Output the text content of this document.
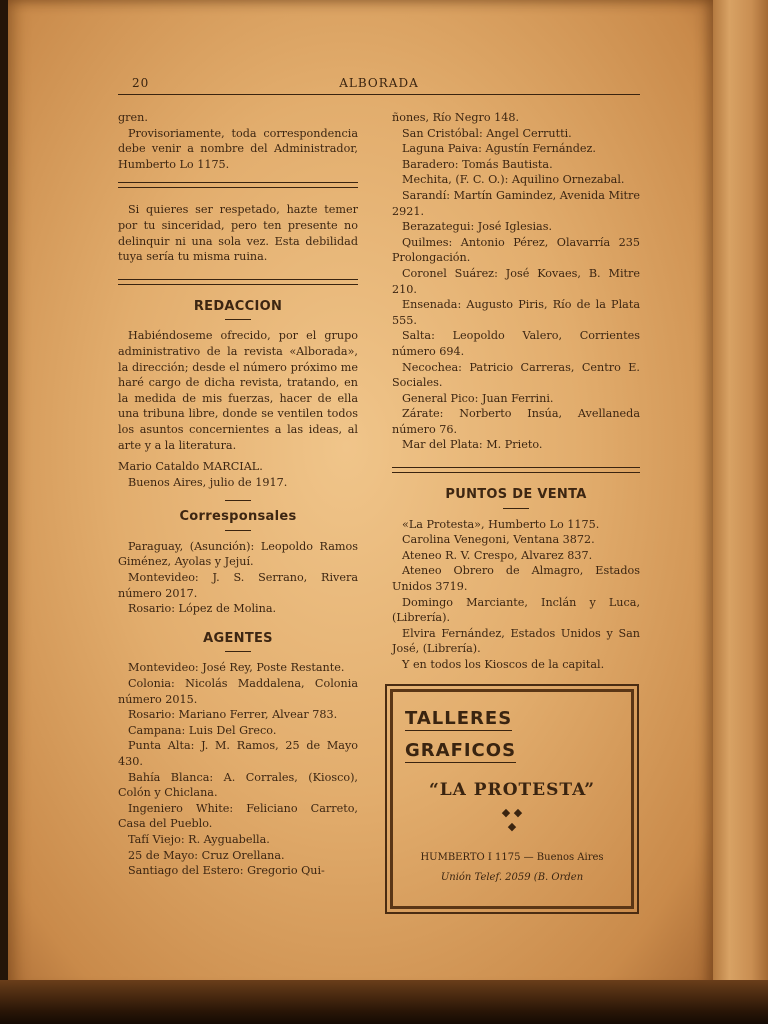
20	ALBORADA

gren.

Provisoriamente, toda correspondencia debe venir a nombre del Administrador, Humberto Lo 1175.

Si quieres ser respetado, hazte temer por tu sinceridad, pero ten presente no delinquir ni una sola vez. Esta debilidad tuya sería tu misma ruina.

REDACCION

Habiéndoseme ofrecido, por el grupo administrativo de la revista «Alborada», la dirección; desde el número próximo me haré cargo de dicha revista, tratando, en la medida de mis fuerzas, hacer de ella una tribuna libre, donde se ventilen todos los asuntos concernientes a las ideas, al arte y a la literatura.

Mario Cataldo MARCIAL.

Buenos Aires, julio de 1917.

Corresponsales

Paraguay, (Asunción): Leopoldo Ramos Giménez, Ayolas y Jejuí.

Montevideo: J. S. Serrano, Rivera número 2017.

Rosario: López de Molina.

AGENTES

Montevideo: José Rey, Poste Restante.

Colonia: Nicolás Maddalena, Colonia número 2015.

Rosario: Mariano Ferrer, Alvear 783.

Campana: Luis Del Greco.

Punta Alta: J. M. Ramos, 25 de Mayo 430.

Bahía Blanca: A. Corrales, (Kiosco), Colón y Chiclana.

Ingeniero White: Feliciano Carreto, Casa del Pueblo.

Tafí Viejo: R. Ayguabella.

25 de Mayo: Cruz Orellana.

Santiago del Estero: Gregorio Qui-

ñones, Río Negro 148.

San Cristóbal: Angel Cerrutti.

Laguna Paiva: Agustín Fernández.

Baradero: Tomás Bautista.

Mechita, (F. C. O.): Aquilino Ornezabal.

Sarandí: Martín Gamindez, Avenida Mitre 2921.

Berazategui: José Iglesias.

Quilmes: Antonio Pérez, Olavarría 235 Prolongación.

Coronel Suárez: José Kovaes, B. Mitre 210.

Ensenada: Augusto Piris, Río de la Plata 555.

Salta: Leopoldo Valero, Corrientes número 694.

Necochea: Patricio Carreras, Centro E. Sociales.

General Pico: Juan Ferrini.

Zárate: Norberto Insúa, Avellaneda número 76.

Mar del Plata: M. Prieto.

PUNTOS DE VENTA

«La Protesta», Humberto Lo 1175.

Carolina Venegoni, Ventana 3872.

Ateneo R. V. Crespo, Alvarez 837.

Ateneo Obrero de Almagro, Estados Unidos 3719.

Domingo Marciante, Inclán y Luca, (Librería).

Elvira Fernández, Estados Unidos y San José, (Librería).

Y en todos los Kioscos de la capital.

TALLERES
GRAFICOS
“LA PROTESTA”
◆ ◆
◆
HUMBERTO I 1175 — Buenos Aires
Unión Telef. 2059 (B. Orden
